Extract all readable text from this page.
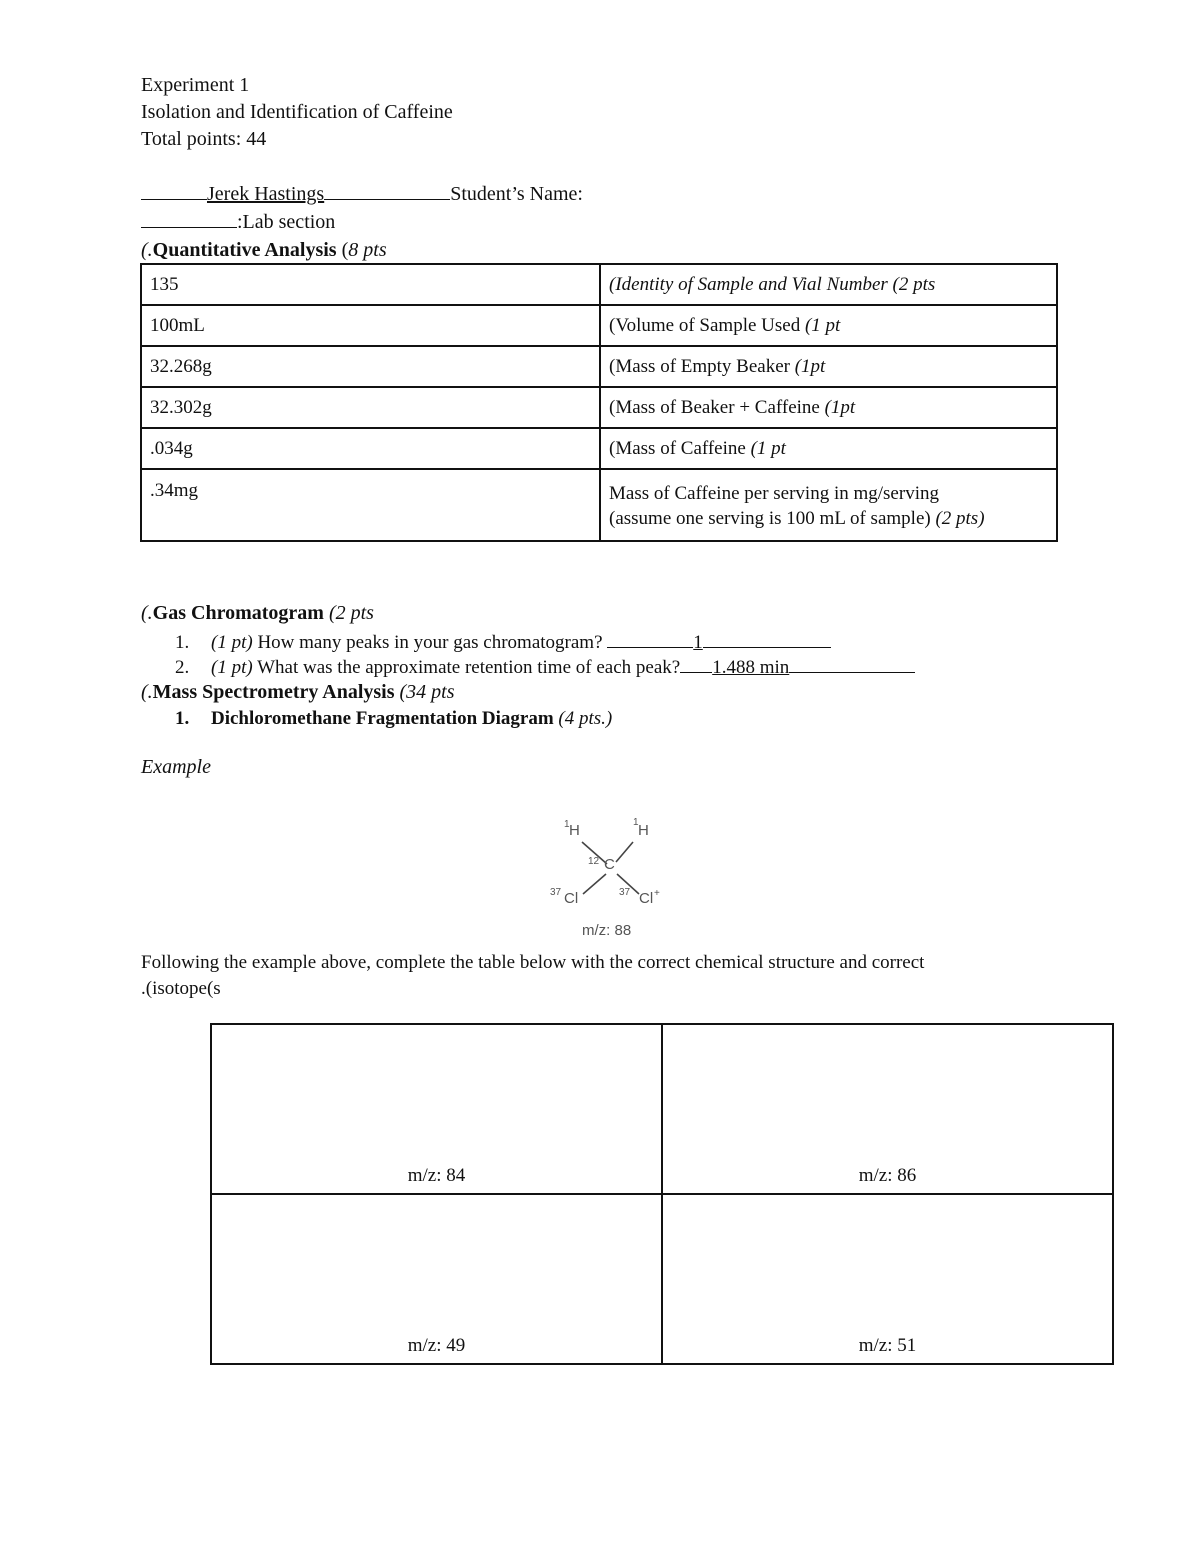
Experiment 1
Isolation and Identification of Caffeine
Total points: 44
Jerek Hastings	Student’s Name:
:Lab section
(.Quantitative Analysis (8 pts
135	(Identity of Sample and Vial Number (2 pts
100mL	(Volume of Sample Used (1 pt
32.268g	(Mass of Empty Beaker (1pt
32.302g	(Mass of Beaker + Caffeine (1pt
.034g	(Mass of Caffeine (1 pt
.34mg	Mass of Caffeine per serving in mg/serving
(assume one serving is 100 mL of sample) (2 pts)
(.Gas Chromatogram (2 pts
1. (1 pt) How many peaks in your gas chromatogram?	1
2. (1 pt) What was the approximate retention time of each peak? 1.488 min
(.Mass Spectrometry Analysis (34 pts
1. Dichloromethane Fragmentation Diagram (4 pts.)
Example
1 H	1 H
12 C
37 Cl	37 Cl +
m/z: 88
Following the example above, complete the table below with the correct chemical structure and correct
.(isotope(s
m/z: 84	m/z: 86
m/z: 49	m/z: 51
